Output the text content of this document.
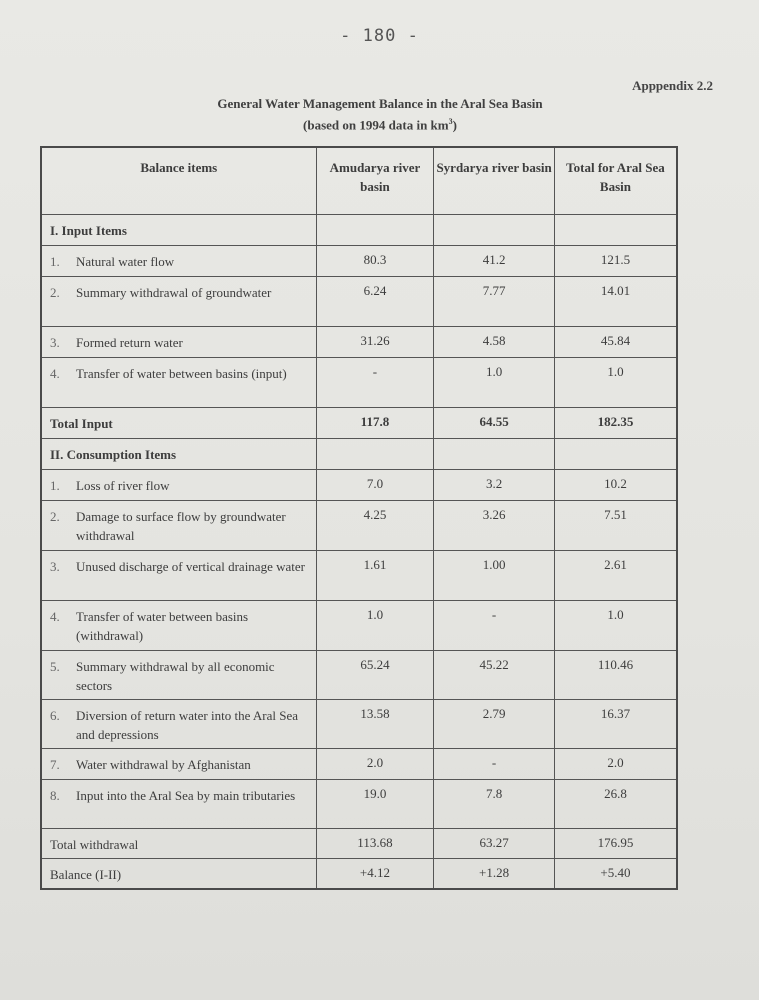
- 180 -
Apppendix 2.2
General Water Management Balance in the Aral Sea Basin
(based on 1994 data in $km^3$)
Balance items	Amudarya river basin	Syrdarya river basin	Total for Aral Sea Basin
I. Input Items			

1. Natural water flow	80.3	41.2	121.5

2. Summary withdrawal of groundwater	6.24	7.77	14.01

3. Formed return water	31.26	4.58	45.84

4. Transfer of water between basins (input)	-	1.0	1.0
Total Input	117.8	64.55	182.35
II. Consumption Items			

1. Loss of river flow	7.0	3.2	10.2

2. Damage to surface flow by groundwater withdrawal	4.25	3.26	7.51

3. Unused discharge of vertical drainage water	1.61	1.00	2.61

4. Transfer of water between basins (withdrawal)	1.0	-	1.0

5. Summary withdrawal by all economic sectors	65.24	45.22	110.46

6. Diversion of return water into the Aral Sea and depressions	13.58	2.79	16.37

7. Water withdrawal by Afghanistan	2.0	-	2.0

8. Input into the Aral Sea by main tributaries	19.0	7.8	26.8
Total withdrawal	113.68	63.27	176.95
Balance (I-II)	+4.12	+1.28	+5.40
